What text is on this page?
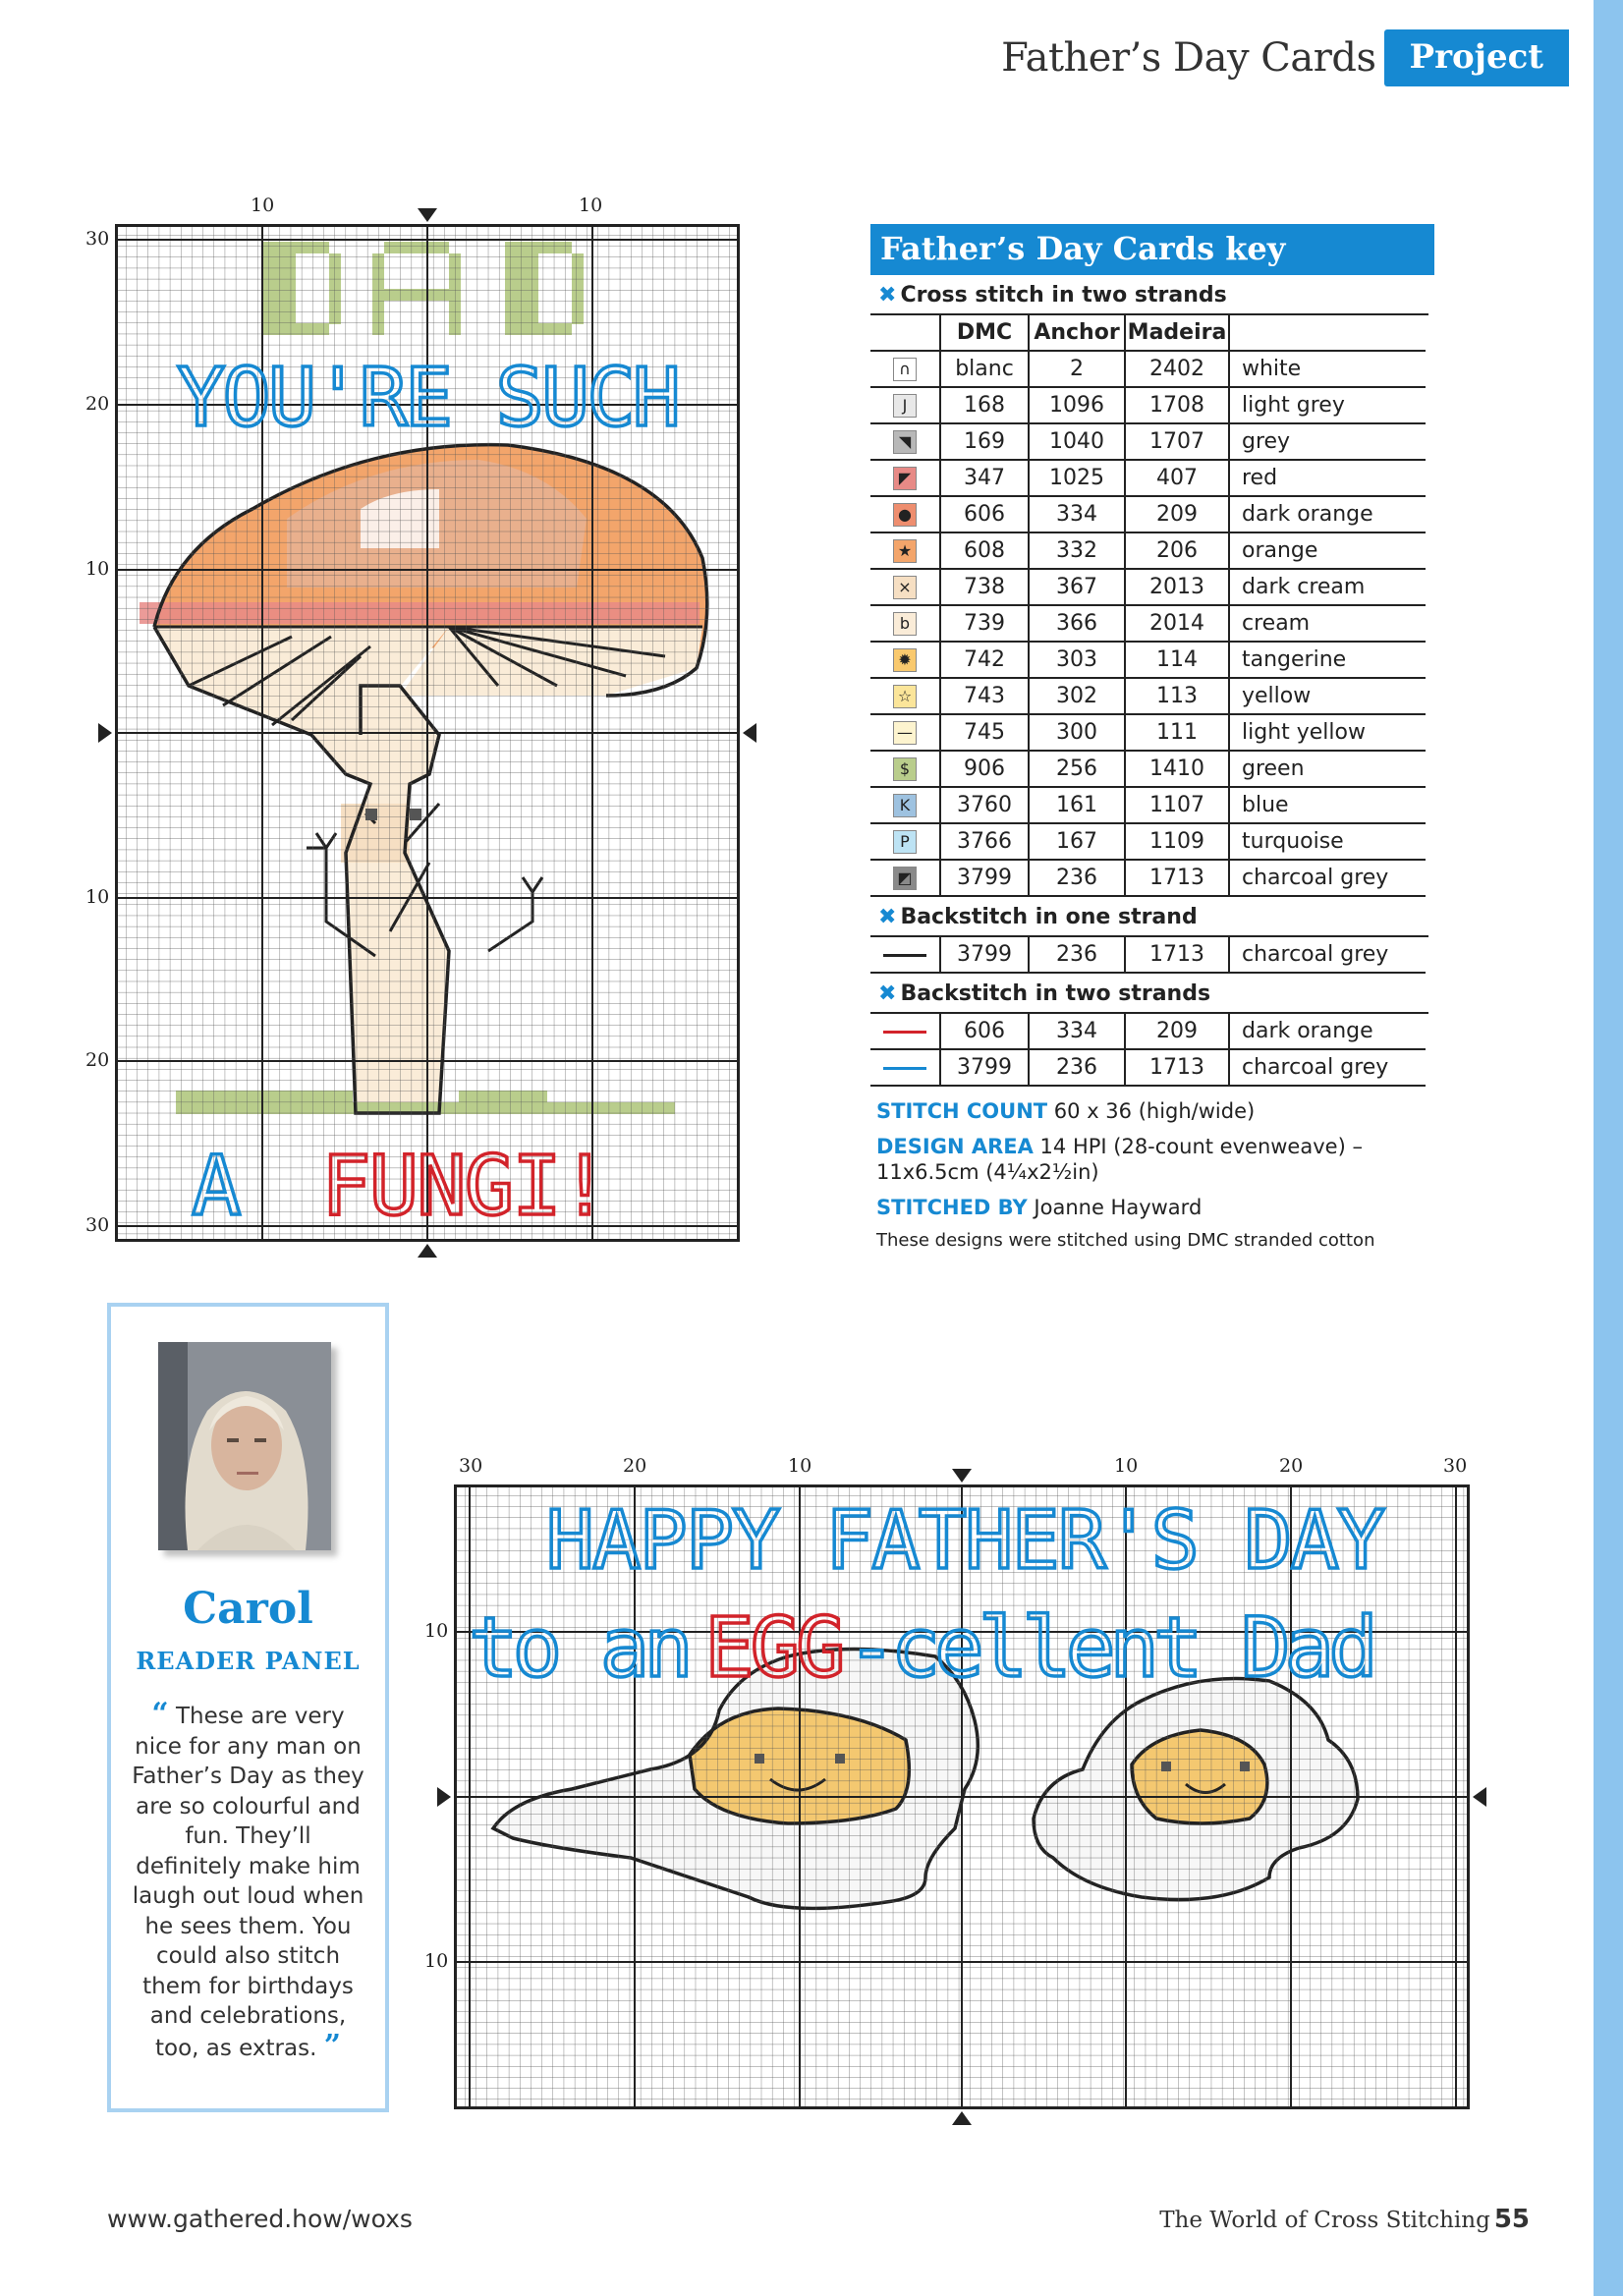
Father’s Day Cards	Project
YOU'RE SUCH
A FUNGI!
10	10
30
20
10
10
20
30
Father’s Day Cards key
✖ Cross stitch in two strands
	DMC	Anchor	Madeira	
∩	blanc	2	2402	white
J	168	1096	1708	light grey
◥	169	1040	1707	grey
◤	347	1025	407	red
●	606	334	209	dark orange
★	608	332	206	orange
×	738	367	2013	dark cream
b	739	366	2014	cream
✹	742	303	114	tangerine
☆	743	302	113	yellow
—	745	300	111	light yellow
$	906	256	1410	green
K	3760	161	1107	blue
P	3766	167	1109	turquoise
◩	3799	236	1713	charcoal grey
✖ Backstitch in one strand
	3799	236	1713	charcoal grey
✖ Backstitch in two strands
	606	334	209	dark orange
	3799	236	1713	charcoal grey

STITCH COUNT 60 x 36 (high/wide)

DESIGN AREA 14 HPI (28-count evenweave) – 11x6.5cm (4¼x2½in)

STITCHED BY Joanne Hayward

These designs were stitched using DMC stranded cotton
Carol
READER PANEL
“ These are very nice for any man on Father’s Day as they are so colourful and fun. They’ll definitely make him laugh out loud when he sees them. You could also stitch them for birthdays and celebrations, too, as extras. ”
HAPPY FATHER'S DAY
to an EGG -cellent Dad
30	20	10	10	20	30
10
10
www.gathered.how/woxs	The World of Cross Stitching 55
